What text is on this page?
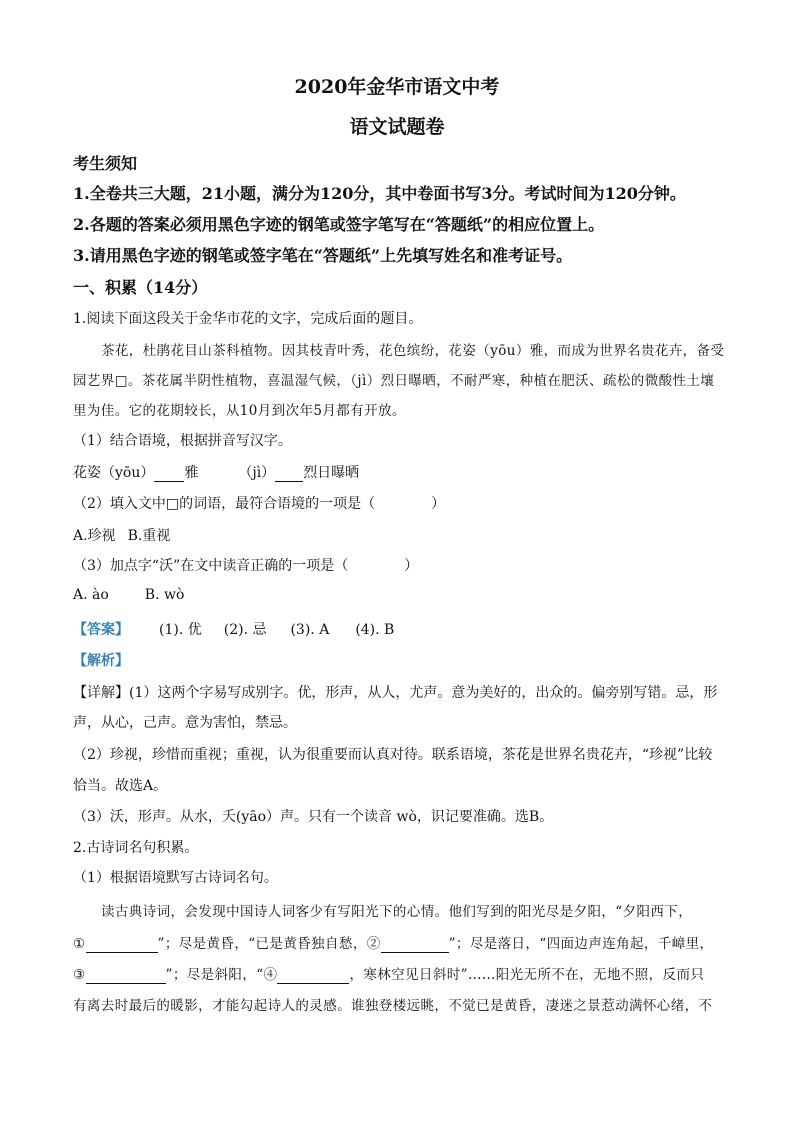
2020年金华市语文中考
语文试题卷
考生须知
1.全卷共三大题，21小题，满分为120分，其中卷面书写3分。考试时间为120分钟。
2.各题的答案必须用黑色字迹的钢笔或签字笔写在“答题纸”的相应位置上。
3.请用黑色字迹的钢笔或签字笔在“答题纸”上先填写姓名和准考证号。
一、积累（14分）
1.阅读下面这段关于金华市花的文字，完成后面的题目。
茶花，杜鹃花目山茶科植物。因其枝青叶秀，花色缤纷，花姿（yōu）雅，而成为世界名贵花卉，备受
园艺界□。茶花属半阴性植物，喜温湿气候，（jì）烈日曝晒，不耐严寒，种植在肥沃、疏松的微酸性土壤
里为佳。它的花期较长，从10月到次年5月都有开放。
（1）结合语境，根据拼音写汉字。
花姿（yōu） 雅	（jì） 烈日曝晒
（2）填入文中□的词语，最符合语境的一项是（	）
A.珍视 B.重视
（3）加点字“沃”在文中读音正确的一项是（	）
A. ào	B. wò
【答案】 (1). 优 (2). 忌 (3). A (4). B
【解析】
【详解】(1）这两个字易写成别字。优，形声，从人，尤声。意为美好的，出众的。偏旁别写错。忌，形
声，从心，己声。意为害怕，禁忌。
（2）珍视，珍惜而重视；重视，认为很重要而认真对待。联系语境，茶花是世界名贵花卉，“珍视”比较
恰当。故选A。
（3）沃，形声。从水，夭(yāo）声。只有一个读音 wò，识记要准确。选B。
2.古诗词名句积累。
（1）根据语境默写古诗词名句。
读古典诗词，会发现中国诗人词客少有写阳光下的心情。他们写到的阳光尽是夕阳，“夕阳西下，
①	”；尽是黄昏，“已是黄昏独自愁，②	”；尽是落日，“四面边声连角起，千嶂里，
③	”；尽是斜阳，“④	，寒林空见日斜时”……阳光无所不在，无地不照，反而只
有离去时最后的暖影，才能勾起诗人的灵感。谁独登楼远眺，不觉已是黄昏，凄迷之景惹动满怀心绪，不
